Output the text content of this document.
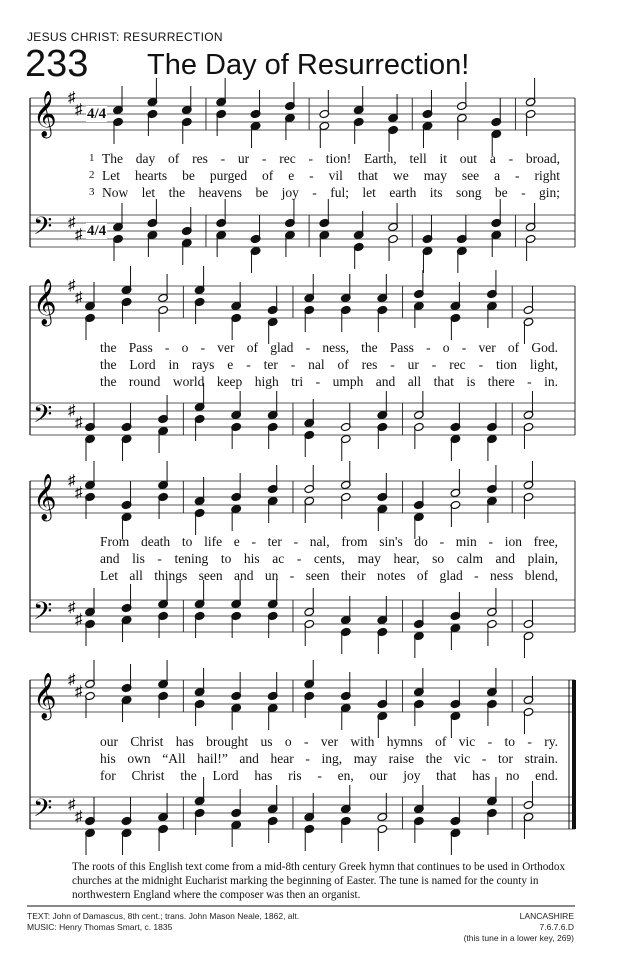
JESUS CHRIST: RESURRECTION
233 The Day of Resurrection!
𝄞 ♯
♯
𝄢 ♯
♯
𝄞 ♯
♯
𝄢 ♯
♯
𝄞 ♯
♯
𝄢 ♯
♯
𝄞 ♯
♯
𝄢 ♯
♯
4/4
4/4
1 The day of res - ur - rec - tion! Earth, tell it out a - broad,
2 Let hearts be purged of e - vil that we may see a - right
3 Now let the heavens be joy - ful; let earth its song be - gin;
the Pass - o - ver of glad - ness, the Pass - o - ver of God.
the Lord in rays e - ter - nal of res - ur - rec - tion light,
the round world keep high tri - umph and all that is there - in.
From death to life e - ter - nal, from sin's do - min - ion free,
and lis - tening to his ac - cents, may hear, so calm and plain,
Let all things seen and un - seen their notes of glad - ness blend,
our Christ has brought us o - ver with hymns of vic - to - ry.
his own “All hail!” and hear - ing, may raise the vic - tor strain.
for Christ the Lord has ris - en, our joy that has no end.
The roots of this English text come from a mid-8th century Greek hymn that continues to be used in Orthodox churches at the midnight Eucharist marking the beginning of Easter. The tune is named for the county in northwestern England where the composer was then an organist.
TEXT: John of Damascus, 8th cent.; trans. John Mason Neale, 1862, alt.
MUSIC: Henry Thomas Smart, c. 1835
LANCASHIRE
7.6.7.6.D
(this tune in a lower key, 269)
